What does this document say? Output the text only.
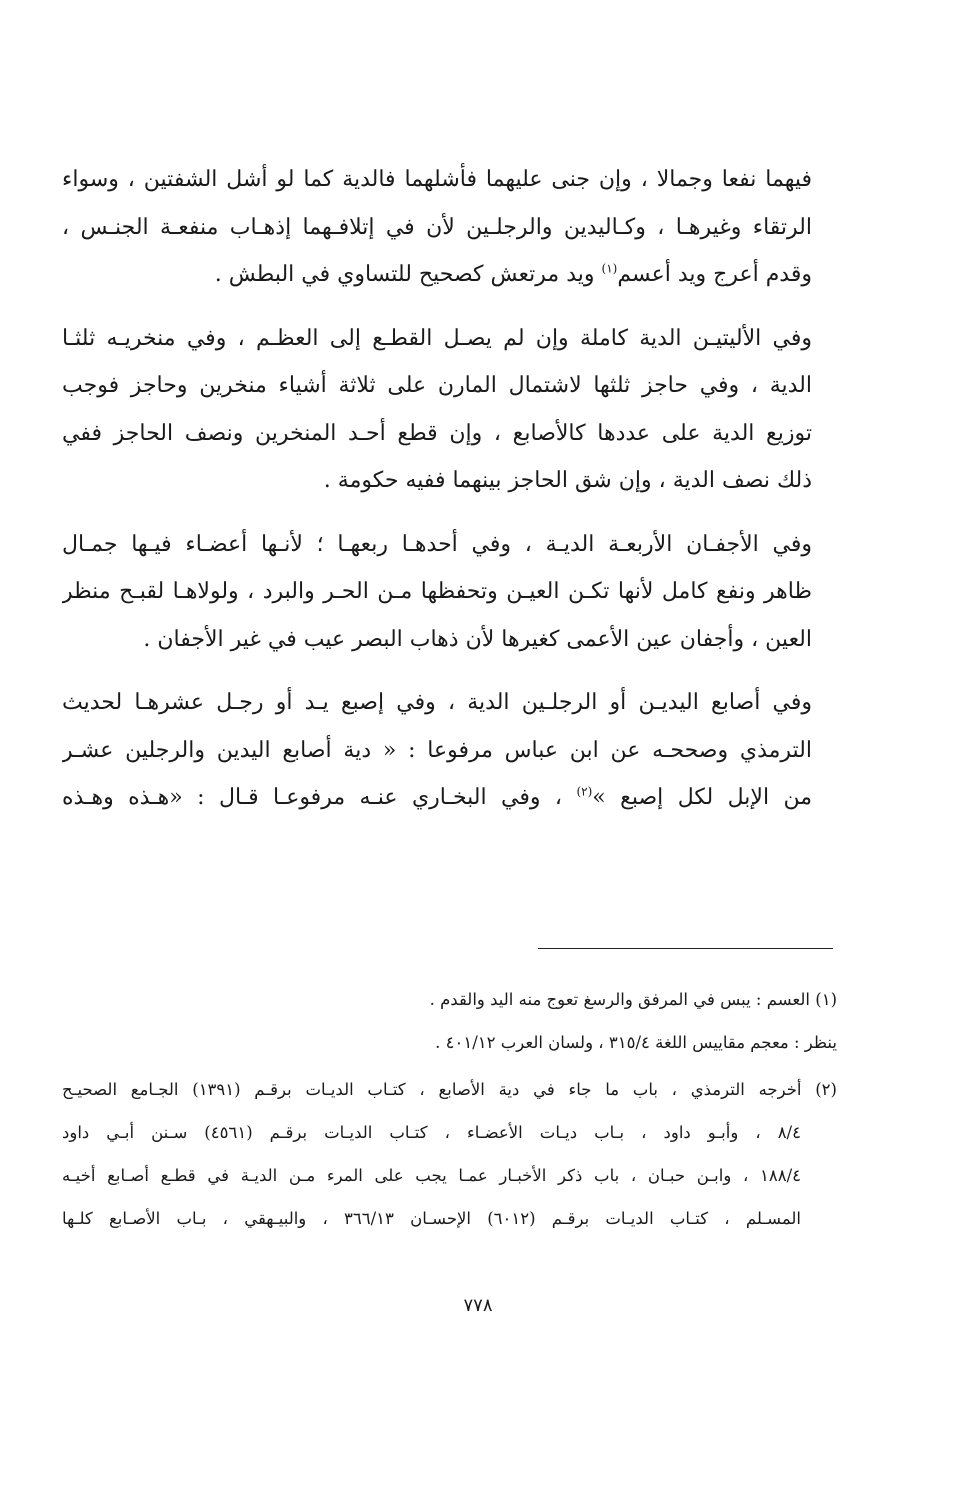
فيهما نفعا وجمالا ، وإن جنى عليهما فأشلهما فالدية كما لو أشل الشفتين ، وسواء
الرتقاء وغيرهـا ، وكـاليدين والرجلـين لأن في إتلافـهما إذهـاب منفعـة الجنـس ،
وقدم أعرج ويد أعسم$^{(١)}$ ويد مرتعش كصحيح للتساوي في البطش .

وفي الأليتيـن الدية كاملة وإن لم يصـل القطـع إلى العظـم ، وفي منخريـه ثلثـا
الدية ، وفي حاجز ثلثها لاشتمال المارن على ثلاثة أشياء منخرين وحاجز فوجب
توزيع الدية على عددها كالأصابع ، وإن قطع أحـد المنخرين ونصف الحاجز ففي
ذلك نصف الدية ، وإن شق الحاجز بينهما ففيه حكومة .

وفي الأجفـان الأربعـة الديـة ، وفي أحدهـا ربعهـا ؛ لأنـها أعضـاء فيـها جمـال
ظاهر ونفع كامل لأنها تكـن العيـن وتحفظها مـن الحـر والبرد ، ولولاهـا لقبـح منظر
العين ، وأجفان عين الأعمى كغيرها لأن ذهاب البصر عيب في غير الأجفان .

وفي أصابع اليديـن أو الرجلـين الدية ، وفي إصبع يـد أو رجـل عشرهـا لحديث
الترمذي وصححـه عن ابن عباس مرفوعا : « دية أصابع اليدين والرجلين عشـر
من الإبل لكل إصبع »$^{(٢)}$ ، وفي البخـاري عنـه مرفوعـا قـال : «هـذه وهـذه

(١) العسم : يبس في المرفق والرسغ تعوج منه اليد والقدم .
ينظر : معجم مقاييس اللغة ٣١٥/٤ ، ولسان العرب ٤٠١/١٢ .
(٢) أخرجه الترمذي ، باب ما جاء في دية الأصابع ، كتـاب الديـات برقـم (١٣٩١) الجـامع الصحيـح
٨/٤ ، وأبـو داود ، بـاب ديـات الأعضـاء ، كتـاب الديـات برقـم (٤٥٦١) سـنن أبـي داود
١٨٨/٤ ، وابـن حبـان ، باب ذكر الأخبـار عمـا يجب على المرء مـن الديـة في قطـع أصـابع أخيـه
المسـلم ، كتـاب الديـات برقـم (٦٠١٢) الإحسـان ٣٦٦/١٣ ، والبيـهقي ، بـاب الأصـابع كلـها
٧٧٨
